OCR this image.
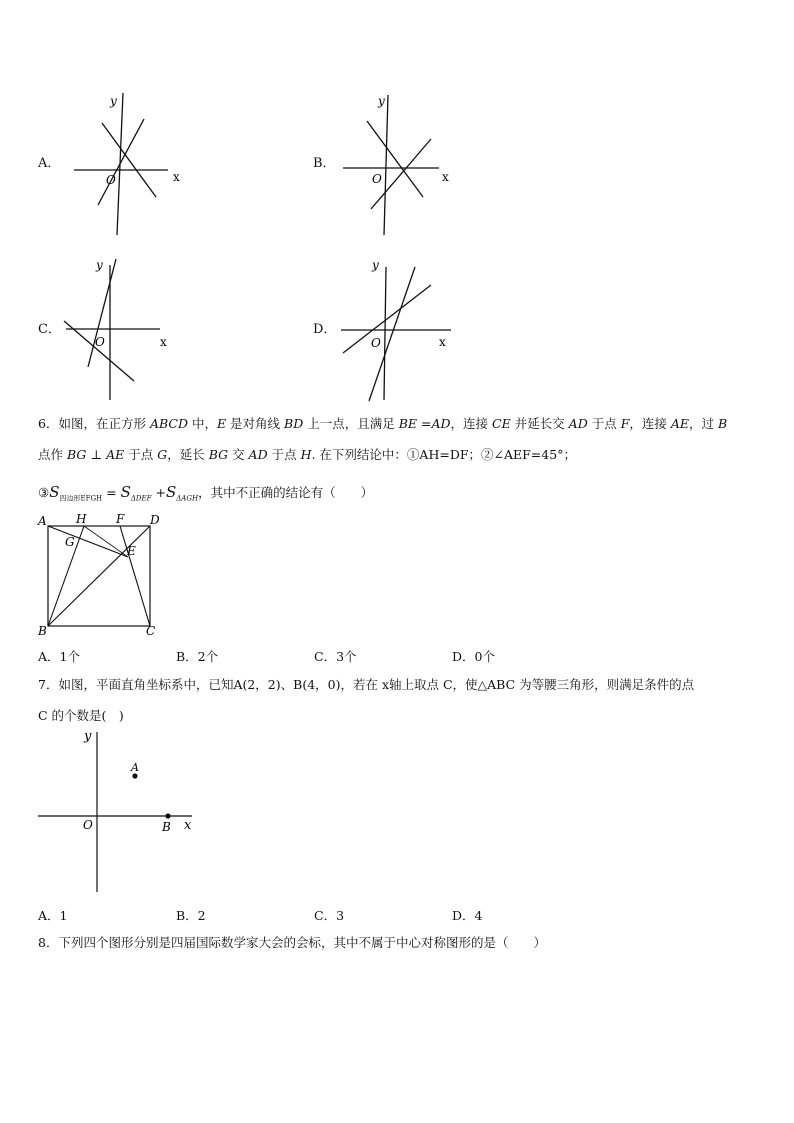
A．
y
x
O
B．
y
x
O
C．
y
x
O
D．
y
x
O
6．如图，在正方形 ABCD 中，E 是对角线 BD 上一点，且满足 BE =AD，连接 CE 并延长交 AD 于点 F，连接 AE，过 B
点作 BG ⊥ AE 于点 G，延长 BG 交 AD 于点 H. 在下列结论中：①AH=DF；②∠AEF=45°；
$③S_{四边形EFGH} = S_{\Delta DEF} +S_{\Delta AGH}$，其中不正确的结论有（　　）
A H F D
G
E
B	C
A．1个	B．2个	C．3个	D．0个
7．如图，平面直角坐标系中，已知A(2，2)、B(4，0)，若在 x轴上取点 C，使△ABC 为等腰三角形，则满足条件的点
C 的个数是(　)
y
x
O
A
B
A．1	B．2	C．3	D．4
8．下列四个图形分别是四届国际数学家大会的会标，其中不属于中心对称图形的是（　　）
